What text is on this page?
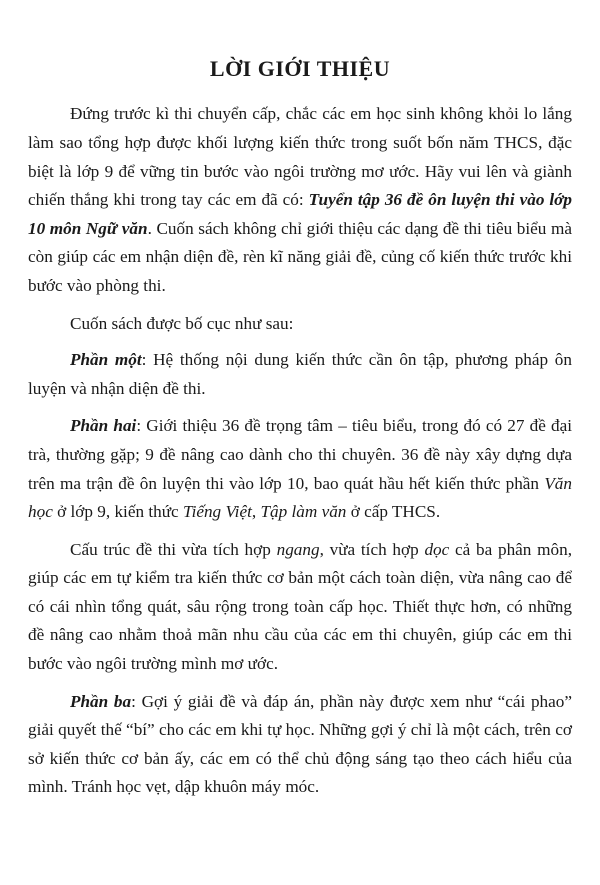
LỜI GIỚI THIỆU

Đứng trước kì thi chuyển cấp, chắc các em học sinh không khỏi lo lắng làm sao tổng hợp được khối lượng kiến thức trong suốt bốn năm THCS, đặc biệt là lớp 9 để vững tin bước vào ngôi trường mơ ước. Hãy vui lên và giành chiến thắng khi trong tay các em đã có: Tuyển tập 36 đề ôn luyện thi vào lớp 10 môn Ngữ văn. Cuốn sách không chỉ giới thiệu các dạng đề thi tiêu biểu mà còn giúp các em nhận diện đề, rèn kĩ năng giải đề, củng cố kiến thức trước khi bước vào phòng thi.

Cuốn sách được bố cục như sau:

Phần một: Hệ thống nội dung kiến thức cần ôn tập, phương pháp ôn luyện và nhận diện đề thi.

Phần hai: Giới thiệu 36 đề trọng tâm – tiêu biểu, trong đó có 27 đề đại trà, thường gặp; 9 đề nâng cao dành cho thi chuyên. 36 đề này xây dựng dựa trên ma trận đề ôn luyện thi vào lớp 10, bao quát hầu hết kiến thức phần Văn học ở lớp 9, kiến thức Tiếng Việt, Tập làm văn ở cấp THCS.

Cấu trúc đề thi vừa tích hợp ngang, vừa tích hợp dọc cả ba phân môn, giúp các em tự kiểm tra kiến thức cơ bản một cách toàn diện, vừa nâng cao để có cái nhìn tổng quát, sâu rộng trong toàn cấp học. Thiết thực hơn, có những đề nâng cao nhằm thoả mãn nhu cầu của các em thi chuyên, giúp các em thi bước vào ngôi trường mình mơ ước.

Phần ba: Gợi ý giải đề và đáp án, phần này được xem như “cái phao” giải quyết thế “bí” cho các em khi tự học. Những gợi ý chỉ là một cách, trên cơ sở kiến thức cơ bản ấy, các em có thể chủ động sáng tạo theo cách hiểu của mình. Tránh học vẹt, dập khuôn máy móc.
